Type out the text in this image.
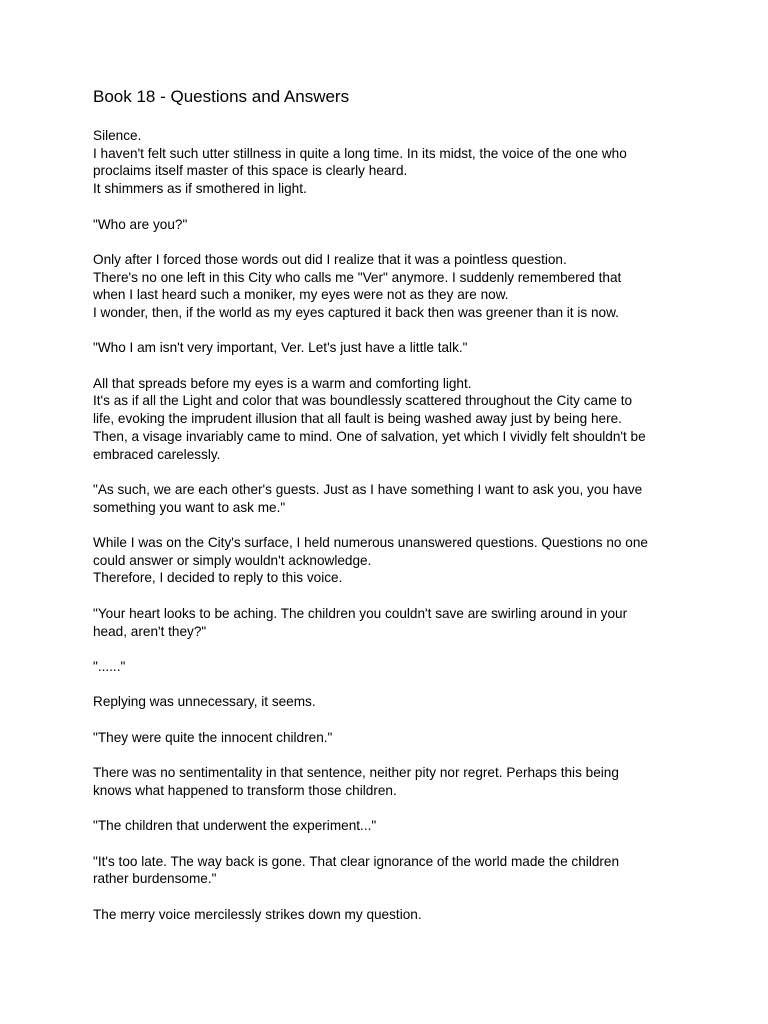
Book 18 - Questions and Answers
Silence.
I haven't felt such utter stillness in quite a long time. In its midst, the voice of the one who
proclaims itself master of this space is clearly heard.
It shimmers as if smothered in light.
"Who are you?"
Only after I forced those words out did I realize that it was a pointless question.
There's no one left in this City who calls me "Ver" anymore. I suddenly remembered that
when I last heard such a moniker, my eyes were not as they are now.
I wonder, then, if the world as my eyes captured it back then was greener than it is now.
"Who I am isn't very important, Ver. Let's just have a little talk."
All that spreads before my eyes is a warm and comforting light.
It's as if all the Light and color that was boundlessly scattered throughout the City came to
life, evoking the imprudent illusion that all fault is being washed away just by being here.
Then, a visage invariably came to mind. One of salvation, yet which I vividly felt shouldn't be
embraced carelessly.
"As such, we are each other's guests. Just as I have something I want to ask you, you have
something you want to ask me."
While I was on the City's surface, I held numerous unanswered questions. Questions no one
could answer or simply wouldn't acknowledge.
Therefore, I decided to reply to this voice.
"Your heart looks to be aching. The children you couldn't save are swirling around in your
head, aren't they?"
"......"
Replying was unnecessary, it seems.
"They were quite the innocent children."
There was no sentimentality in that sentence, neither pity nor regret. Perhaps this being
knows what happened to transform those children.
"The children that underwent the experiment..."
"It's too late. The way back is gone. That clear ignorance of the world made the children
rather burdensome."
The merry voice mercilessly strikes down my question.
